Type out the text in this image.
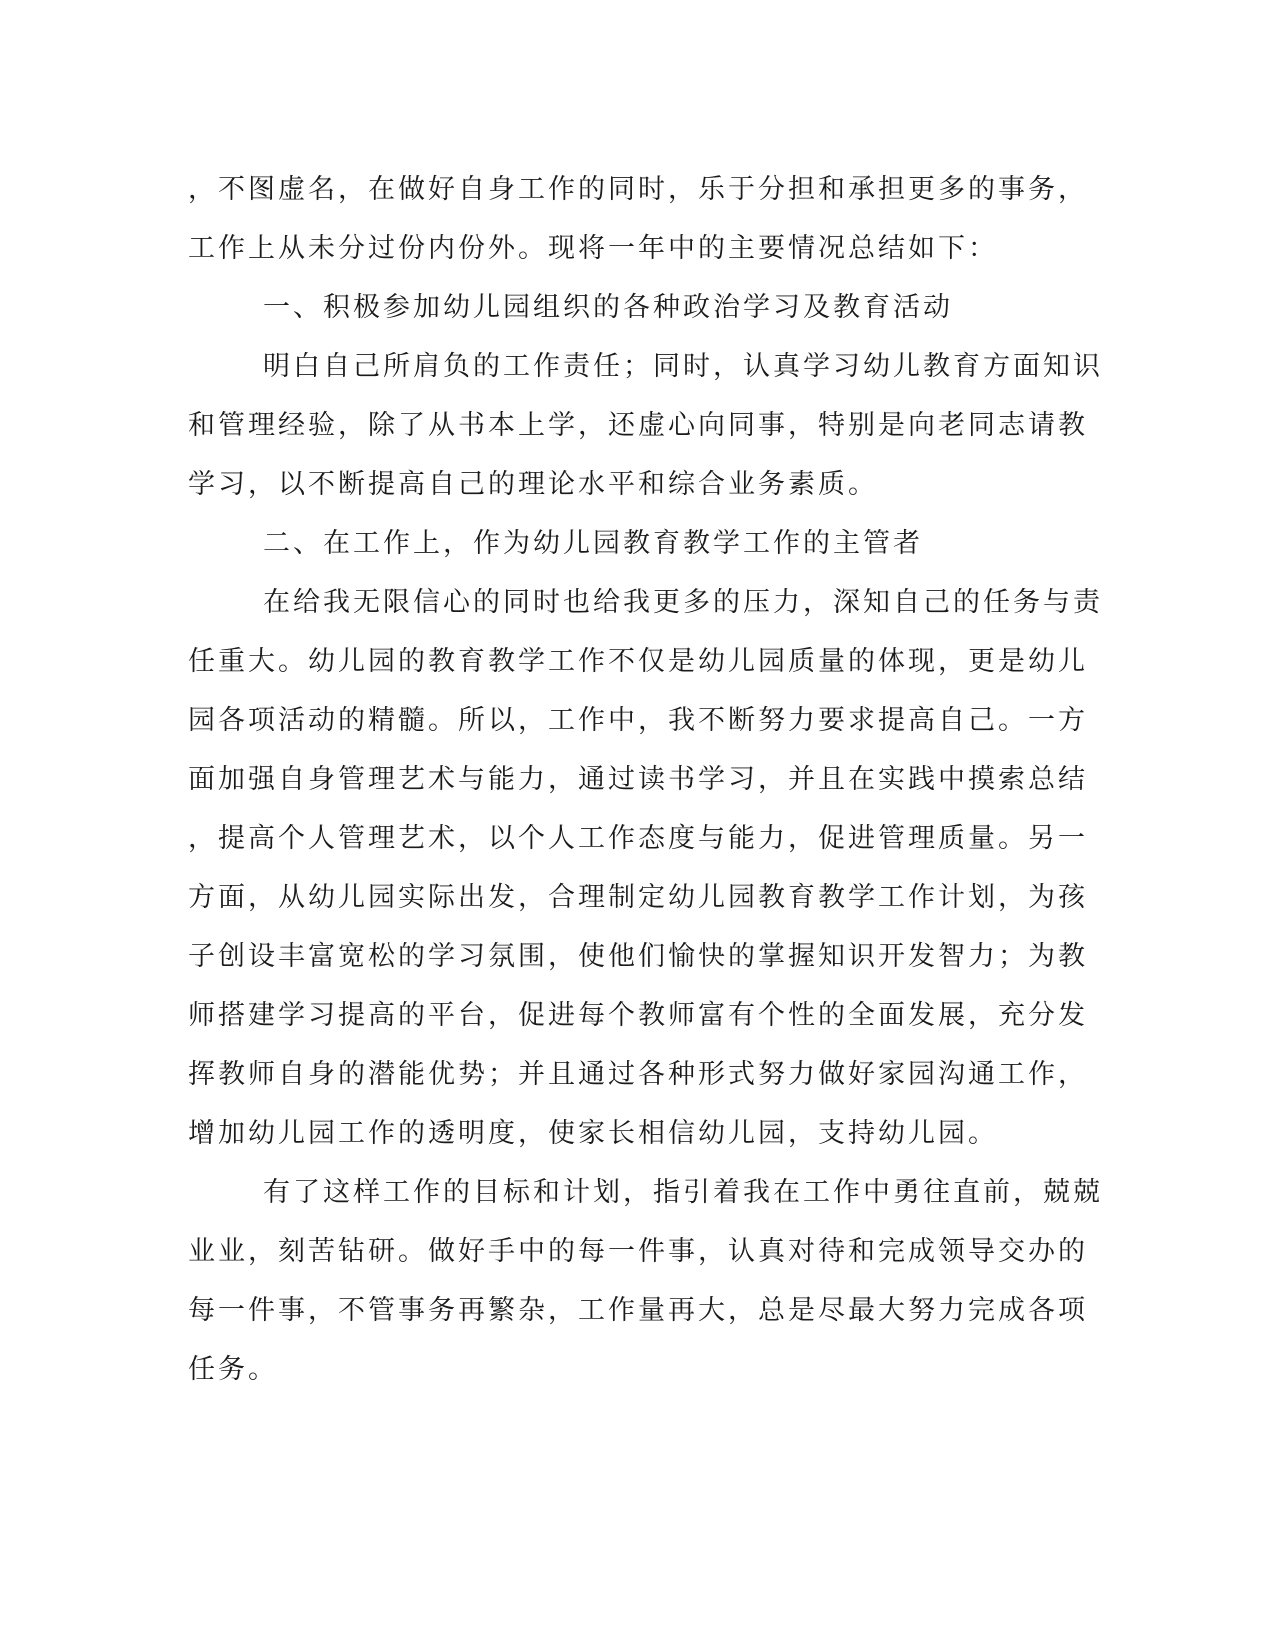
，不图虚名，在做好自身工作的同时，乐于分担和承担更多的事务，
工作上从未分过份内份外。现将一年中的主要情况总结如下：
一、积极参加幼儿园组织的各种政治学习及教育活动
明白自己所肩负的工作责任；同时，认真学习幼儿教育方面知识
和管理经验，除了从书本上学，还虚心向同事，特别是向老同志请教
学习，以不断提高自己的理论水平和综合业务素质。
二、在工作上，作为幼儿园教育教学工作的主管者
在给我无限信心的同时也给我更多的压力，深知自己的任务与责
任重大。幼儿园的教育教学工作不仅是幼儿园质量的体现，更是幼儿
园各项活动的精髓。所以，工作中，我不断努力要求提高自己。一方
面加强自身管理艺术与能力，通过读书学习，并且在实践中摸索总结
，提高个人管理艺术，以个人工作态度与能力，促进管理质量。另一
方面，从幼儿园实际出发，合理制定幼儿园教育教学工作计划，为孩
子创设丰富宽松的学习氛围，使他们愉快的掌握知识开发智力；为教
师搭建学习提高的平台，促进每个教师富有个性的全面发展，充分发
挥教师自身的潜能优势；并且通过各种形式努力做好家园沟通工作，
增加幼儿园工作的透明度，使家长相信幼儿园，支持幼儿园。
有了这样工作的目标和计划，指引着我在工作中勇往直前，兢兢
业业，刻苦钻研。做好手中的每一件事，认真对待和完成领导交办的
每一件事，不管事务再繁杂，工作量再大，总是尽最大努力完成各项
任务。
